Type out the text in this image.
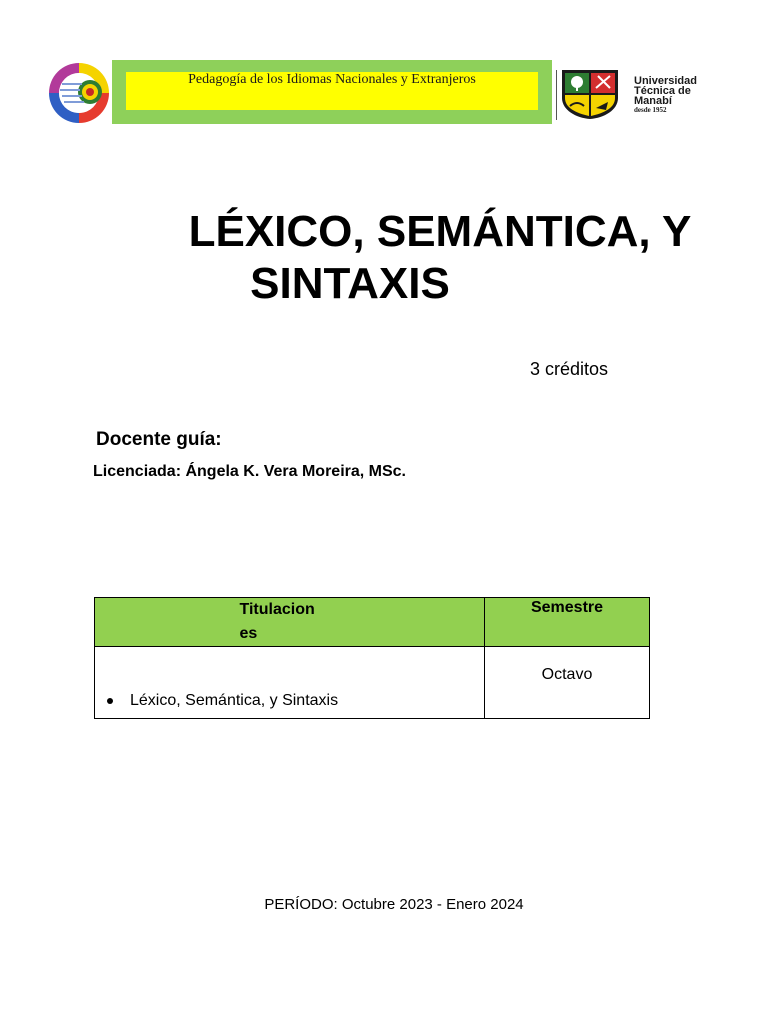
Pedagogía de los Idiomas Nacionales y Extranjeros	Universidad
Técnica de
Manabí
desde 1952
LÉXICO, SEMÁNTICA, Y
SINTAXIS
3 créditos
Docente guía:
Licenciada: Ángela K. Vera Moreira, MSc.
Titulacion
es	Semestre

Léxico, Semántica, y Sintaxis	Octavo
PERÍODO: Octubre 2023 - Enero 2024
